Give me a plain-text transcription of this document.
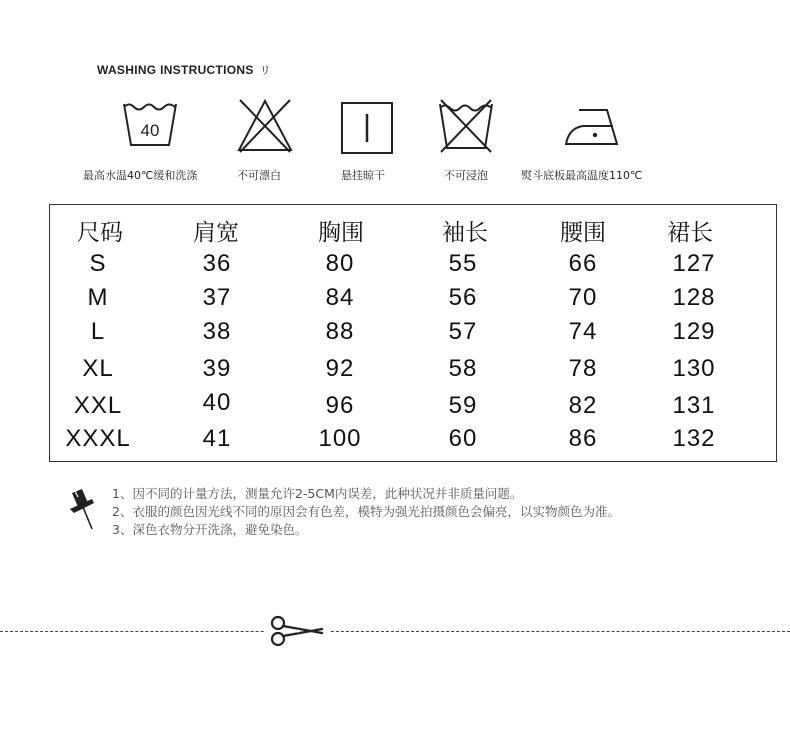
WASHING INSTRUCTIONS リ
40
最高水温40℃缓和洗涤	不可漂白	悬挂晾干	不可浸泡	熨斗底板最高温度110℃
尺码	肩宽	胸围	袖长	腰围	裙长
S	36	80	55	66	127
M	37	84	56	70	128
L	38	88	57	74	129
XL	39	92	58	78	130
XXL	40	96	59	82	131
XXXL	41	100	60	86	132
1、因不同的计量方法，测量允许2-5CM内误差，此种状况并非质量问题。
2、衣服的颜色因光线不同的原因会有色差，模特为强光拍摄颜色会偏亮，以实物颜色为准。
3、深色衣物分开洗涤，避免染色。
